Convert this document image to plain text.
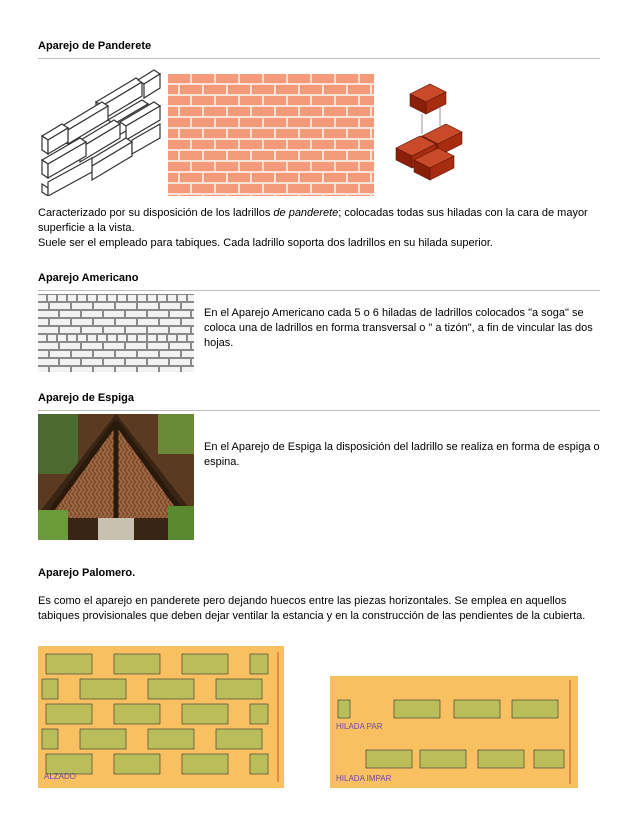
Aparejo de Panderete
Caracterizado por su disposición de los ladrillos de panderete; colocadas todas sus hiladas con la cara de mayor superficie a la vista.
Suele ser el empleado para tabiques. Cada ladrillo soporta dos ladrillos en su hilada superior.
Aparejo Americano
En el Aparejo Americano cada 5 o 6 hiladas de ladrillos colocados "a soga" se coloca una de ladrillos en forma transversal o " a tizón", a fin de vincular las dos hojas.
Aparejo de Espiga
En el Aparejo de Espiga la disposición del ladrillo se realiza en forma de espiga o espina.
Aparejo Palomero.
Es como el aparejo en panderete pero dejando huecos entre las piezas horizontales. Se emplea en aquellos tabiques provisionales que deben dejar ventilar la estancia y en la construcción de las pendientes de la cubierta.
ALZADO
HILADA PAR
HILADA IMPAR
